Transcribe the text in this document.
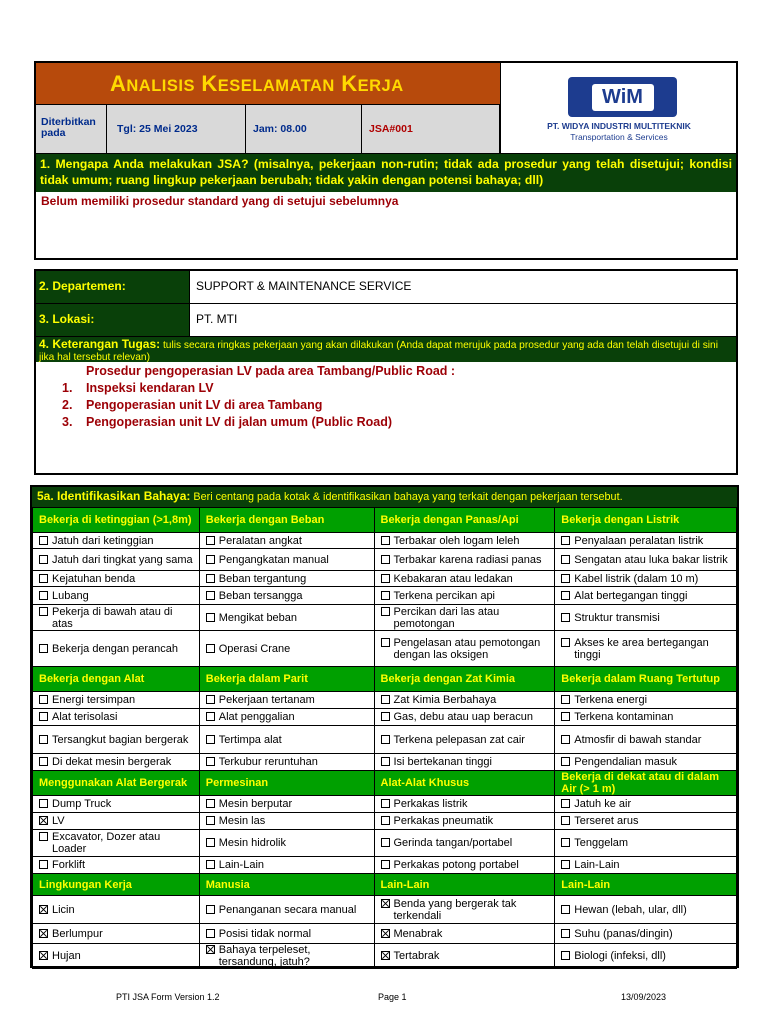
ANALISIS KESELAMATAN KERJA
Diterbitkan pada	Tgl: 25 Mei 2023	Jam: 08.00	JSA#001
WiM
PT. WIDYA INDUSTRI MULTITEKNIK
Transportation & Services
1. Mengapa Anda melakukan JSA? (misalnya, pekerjaan non-rutin; tidak ada prosedur yang telah disetujui; kondisi tidak umum; ruang lingkup pekerjaan berubah; tidak yakin dengan potensi bahaya; dll)
Belum memiliki prosedur standard yang di setujui sebelumnya
2. Departemen:	SUPPORT & MAINTENANCE SERVICE
3. Lokasi:	PT. MTI
4. Keterangan Tugas: tulis secara ringkas pekerjaan yang akan dilakukan (Anda dapat merujuk pada prosedur yang ada dan telah disetujui di sini jika hal tersebut relevan)
Prosedur pengoperasian LV pada area Tambang/Public Road :
1.	Inspeksi kendaran LV
2.	Pengoperasian unit LV di area Tambang
3.	Pengoperasian unit LV di jalan umum (Public Road)
5a. Identifikasikan Bahaya: Beri centang pada kotak & identifikasikan bahaya yang terkait dengan pekerjaan tersebut.
Bekerja di ketinggian (>1,8m)	Bekerja dengan Beban	Bekerja dengan Panas/Api	Bekerja dengan Listrik

Jatuh dari ketinggian	Peralatan angkat	Terbakar oleh logam leleh	Penyalaan peralatan listrik

Jatuh dari tingkat yang sama	Pengangkatan manual	Terbakar karena radiasi panas	Sengatan atau luka bakar listrik

Kejatuhan benda	Beban tergantung	Kebakaran atau ledakan	Kabel listrik (dalam 10 m)

Lubang	Beban tersangga	Terkena percikan api	Alat bertegangan tinggi

Pekerja di bawah atau di atas	Mengikat beban	Percikan dari las atau pemotongan	Struktur transmisi

Bekerja dengan perancah	Operasi Crane	Pengelasan atau pemotongan dengan las oksigen	Akses ke area bertegangan tinggi

Bekerja dengan Alat	Bekerja dalam Parit	Bekerja dengan Zat Kimia	Bekerja dalam Ruang Tertutup

Energi tersimpan	Pekerjaan tertanam	Zat Kimia Berbahaya	Terkena energi

Alat terisolasi	Alat penggalian	Gas, debu atau uap beracun	Terkena kontaminan

Tersangkut bagian bergerak	Tertimpa alat	Terkena pelepasan zat cair	Atmosfir di bawah standar

Di dekat mesin bergerak	Terkubur reruntuhan	Isi bertekanan tinggi	Pengendalian masuk

Menggunakan Alat Bergerak	Permesinan	Alat-Alat Khusus	Bekerja di dekat atau di dalam Air (> 1 m)

Dump Truck	Mesin berputar	Perkakas listrik	Jatuh ke air

LV	Mesin las	Perkakas pneumatik	Terseret arus

Excavator, Dozer atau Loader	Mesin hidrolik	Gerinda tangan/portabel	Tenggelam

Forklift	Lain-Lain	Perkakas potong portabel	Lain-Lain

Lingkungan Kerja	Manusia	Lain-Lain	Lain-Lain

Licin	Penanganan secara manual	Benda yang bergerak tak terkendali	Hewan (lebah, ular, dll)

Berlumpur	Posisi tidak normal	Menabrak	Suhu (panas/dingin)

Hujan	Bahaya terpeleset, tersandung, jatuh?	Tertabrak	Biologi (infeksi, dll)
PTI JSA Form Version 1.2	Page 1	13/09/2023
